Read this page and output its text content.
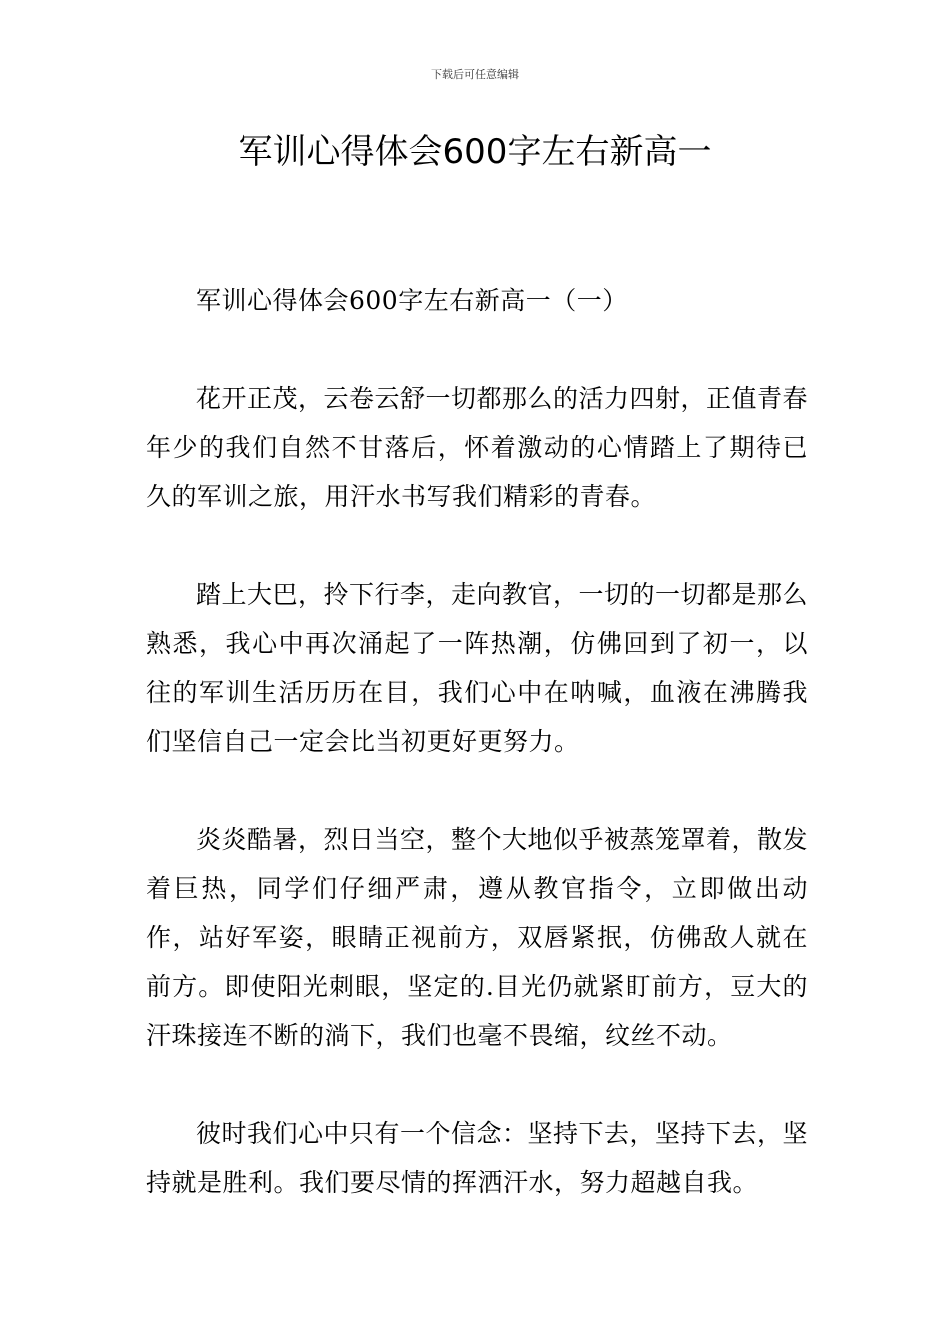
下载后可任意编辑
军训心得体会600字左右新高一

军训心得体会600字左右新高一（一）

花开正茂，云卷云舒一切都那么的活力四射，正值青春年少的我们自然不甘落后，怀着激动的心情踏上了期待已久的军训之旅，用汗水书写我们精彩的青春。

踏上大巴，拎下行李，走向教官，一切的一切都是那么熟悉，我心中再次涌起了一阵热潮，仿佛回到了初一，以往的军训生活历历在目，我们心中在呐喊，血液在沸腾我们坚信自己一定会比当初更好更努力。

炎炎酷暑，烈日当空，整个大地似乎被蒸笼罩着，散发着巨热，同学们仔细严肃，遵从教官指令，立即做出动作，站好军姿，眼睛正视前方，双唇紧抿，仿佛敌人就在前方。即使阳光刺眼，坚定的.目光仍就紧盯前方，豆大的汗珠接连不断的淌下，我们也毫不畏缩，纹丝不动。

彼时我们心中只有一个信念：坚持下去，坚持下去，坚持就是胜利。我们要尽情的挥洒汗水，努力超越自我。
